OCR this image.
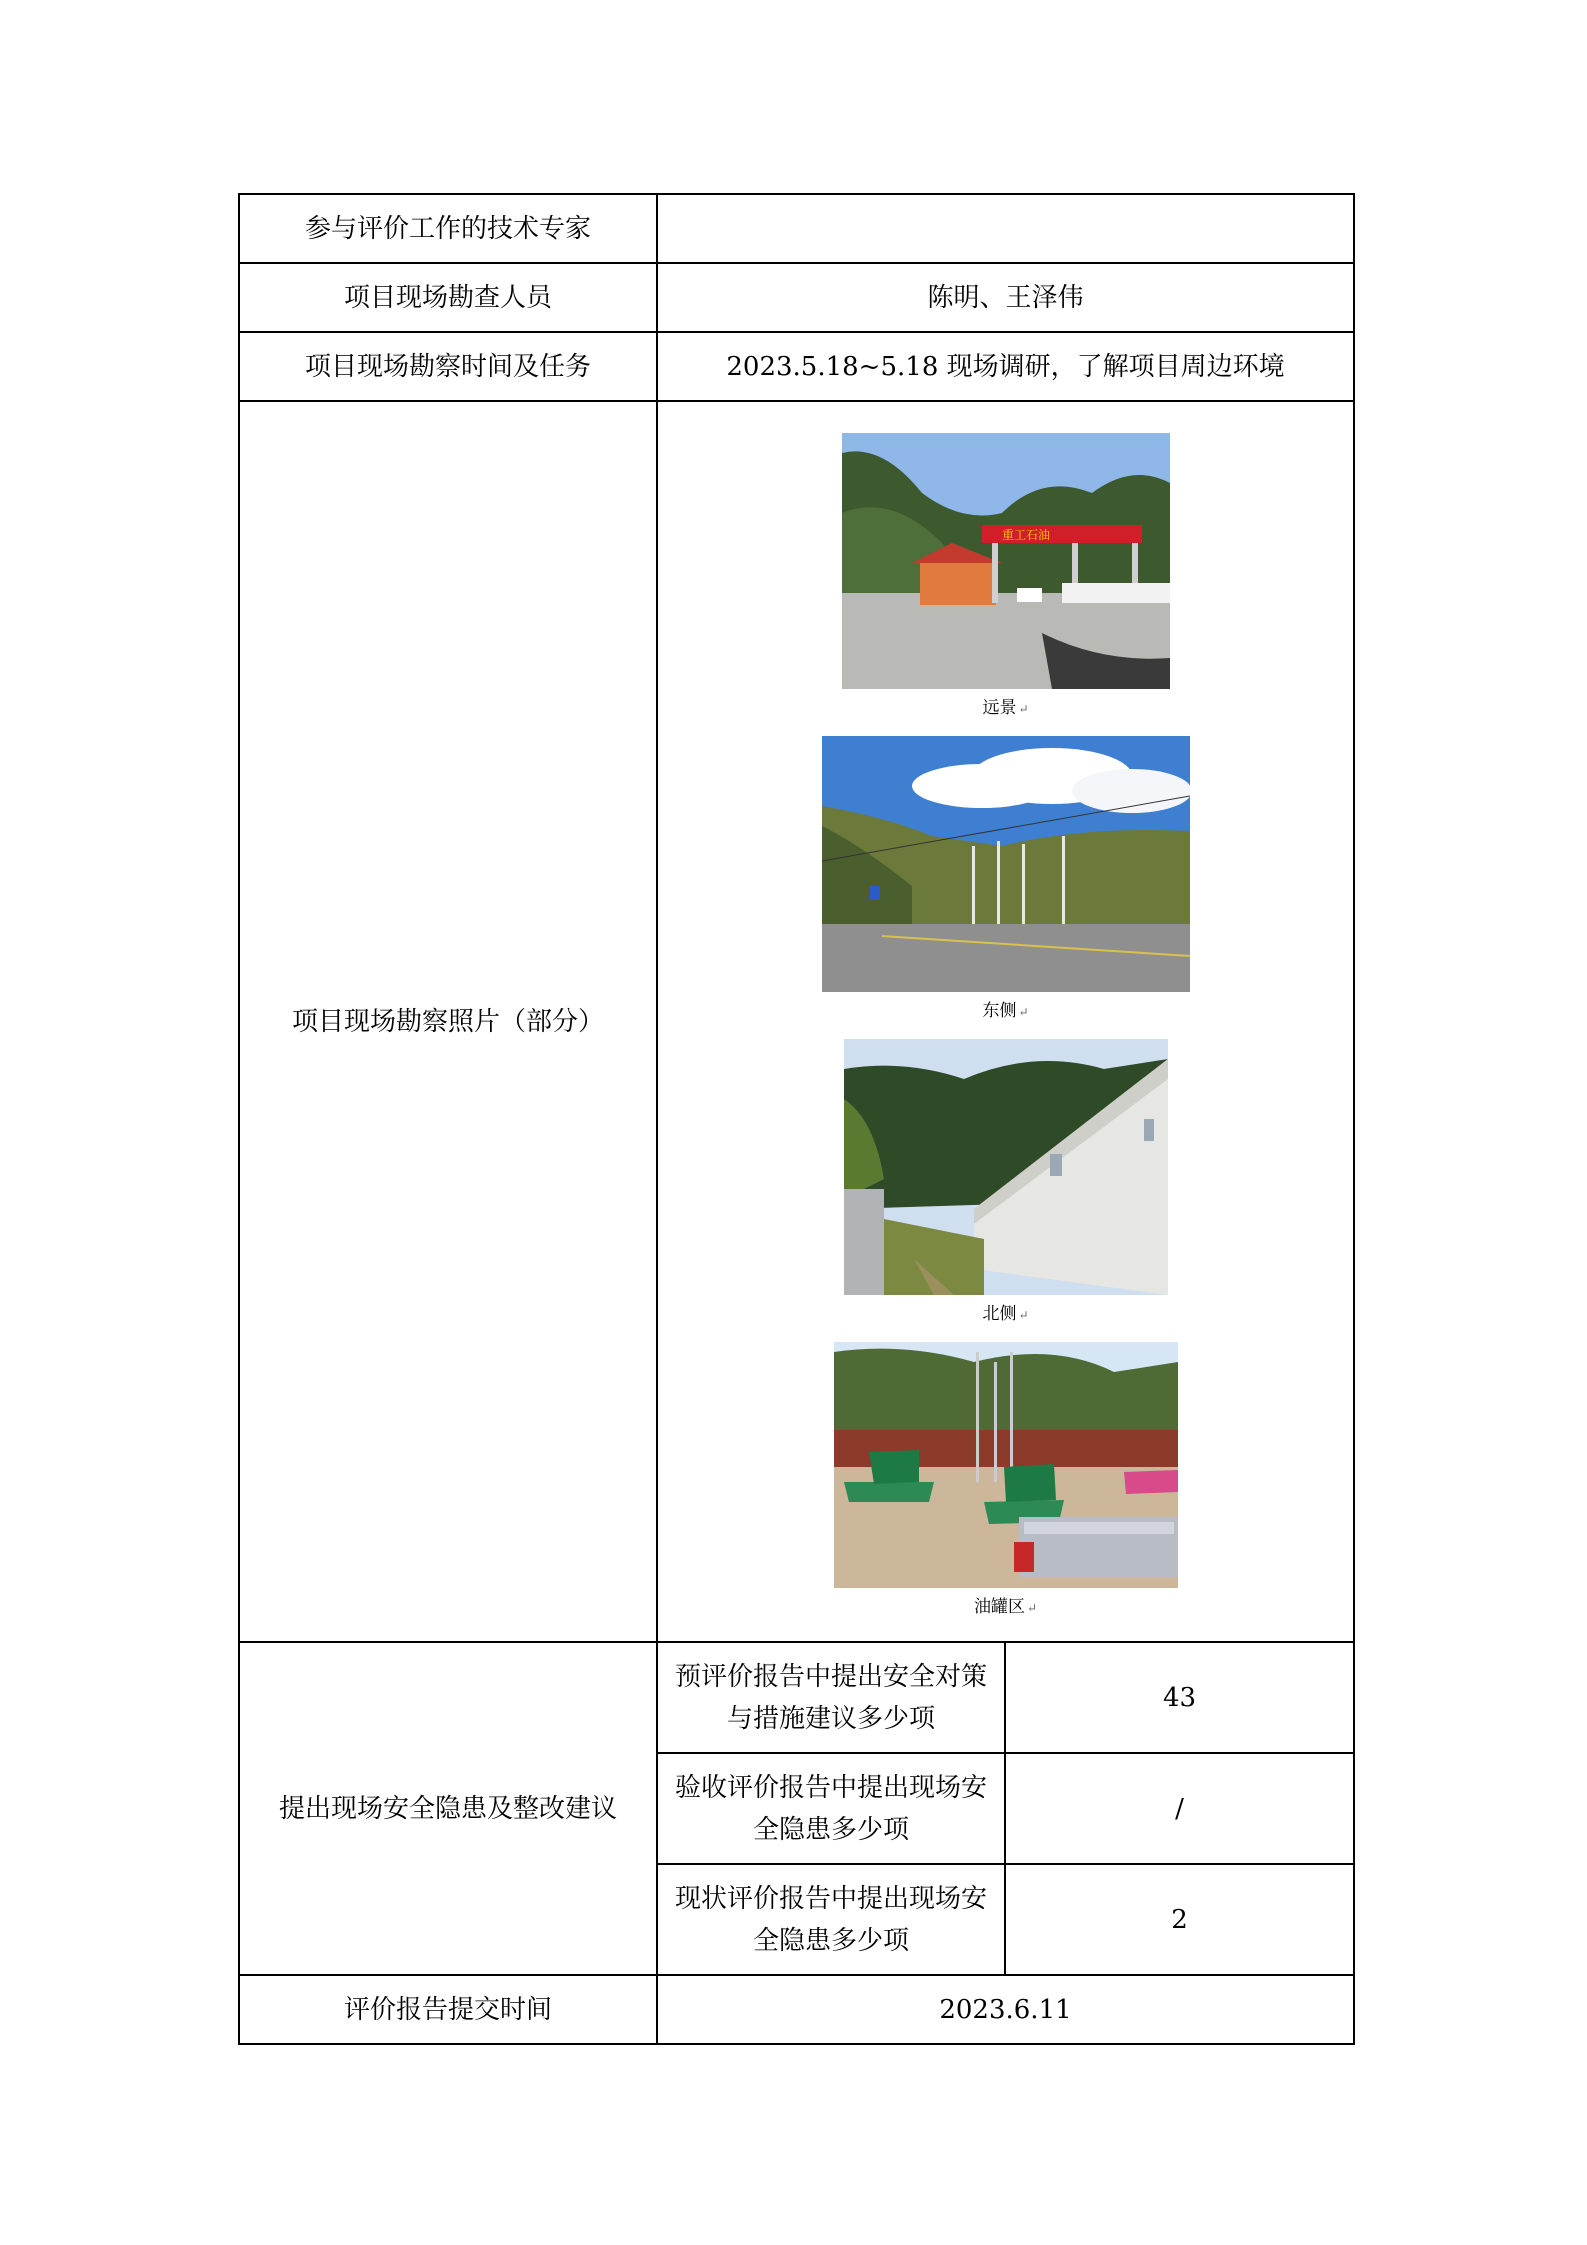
参与评价工作的技术专家		
项目现场勘查人员	陈明、王泽伟	
项目现场勘察时间及任务	2023.5.18~5.18 现场调研，了解项目周边环境	
项目现场勘察照片（部分）	重工石油
远景 ↵
东侧 ↵
北侧 ↵
油罐区 ↵	

提出现场安全隐患及整改建议	预评价报告中提出安全对策与措施建议多少项	43
	验收评价报告中提出现场安全隐患多少项	/
	现状评价报告中提出现场安全隐患多少项	2
评价报告提交时间	2023.6.11	
